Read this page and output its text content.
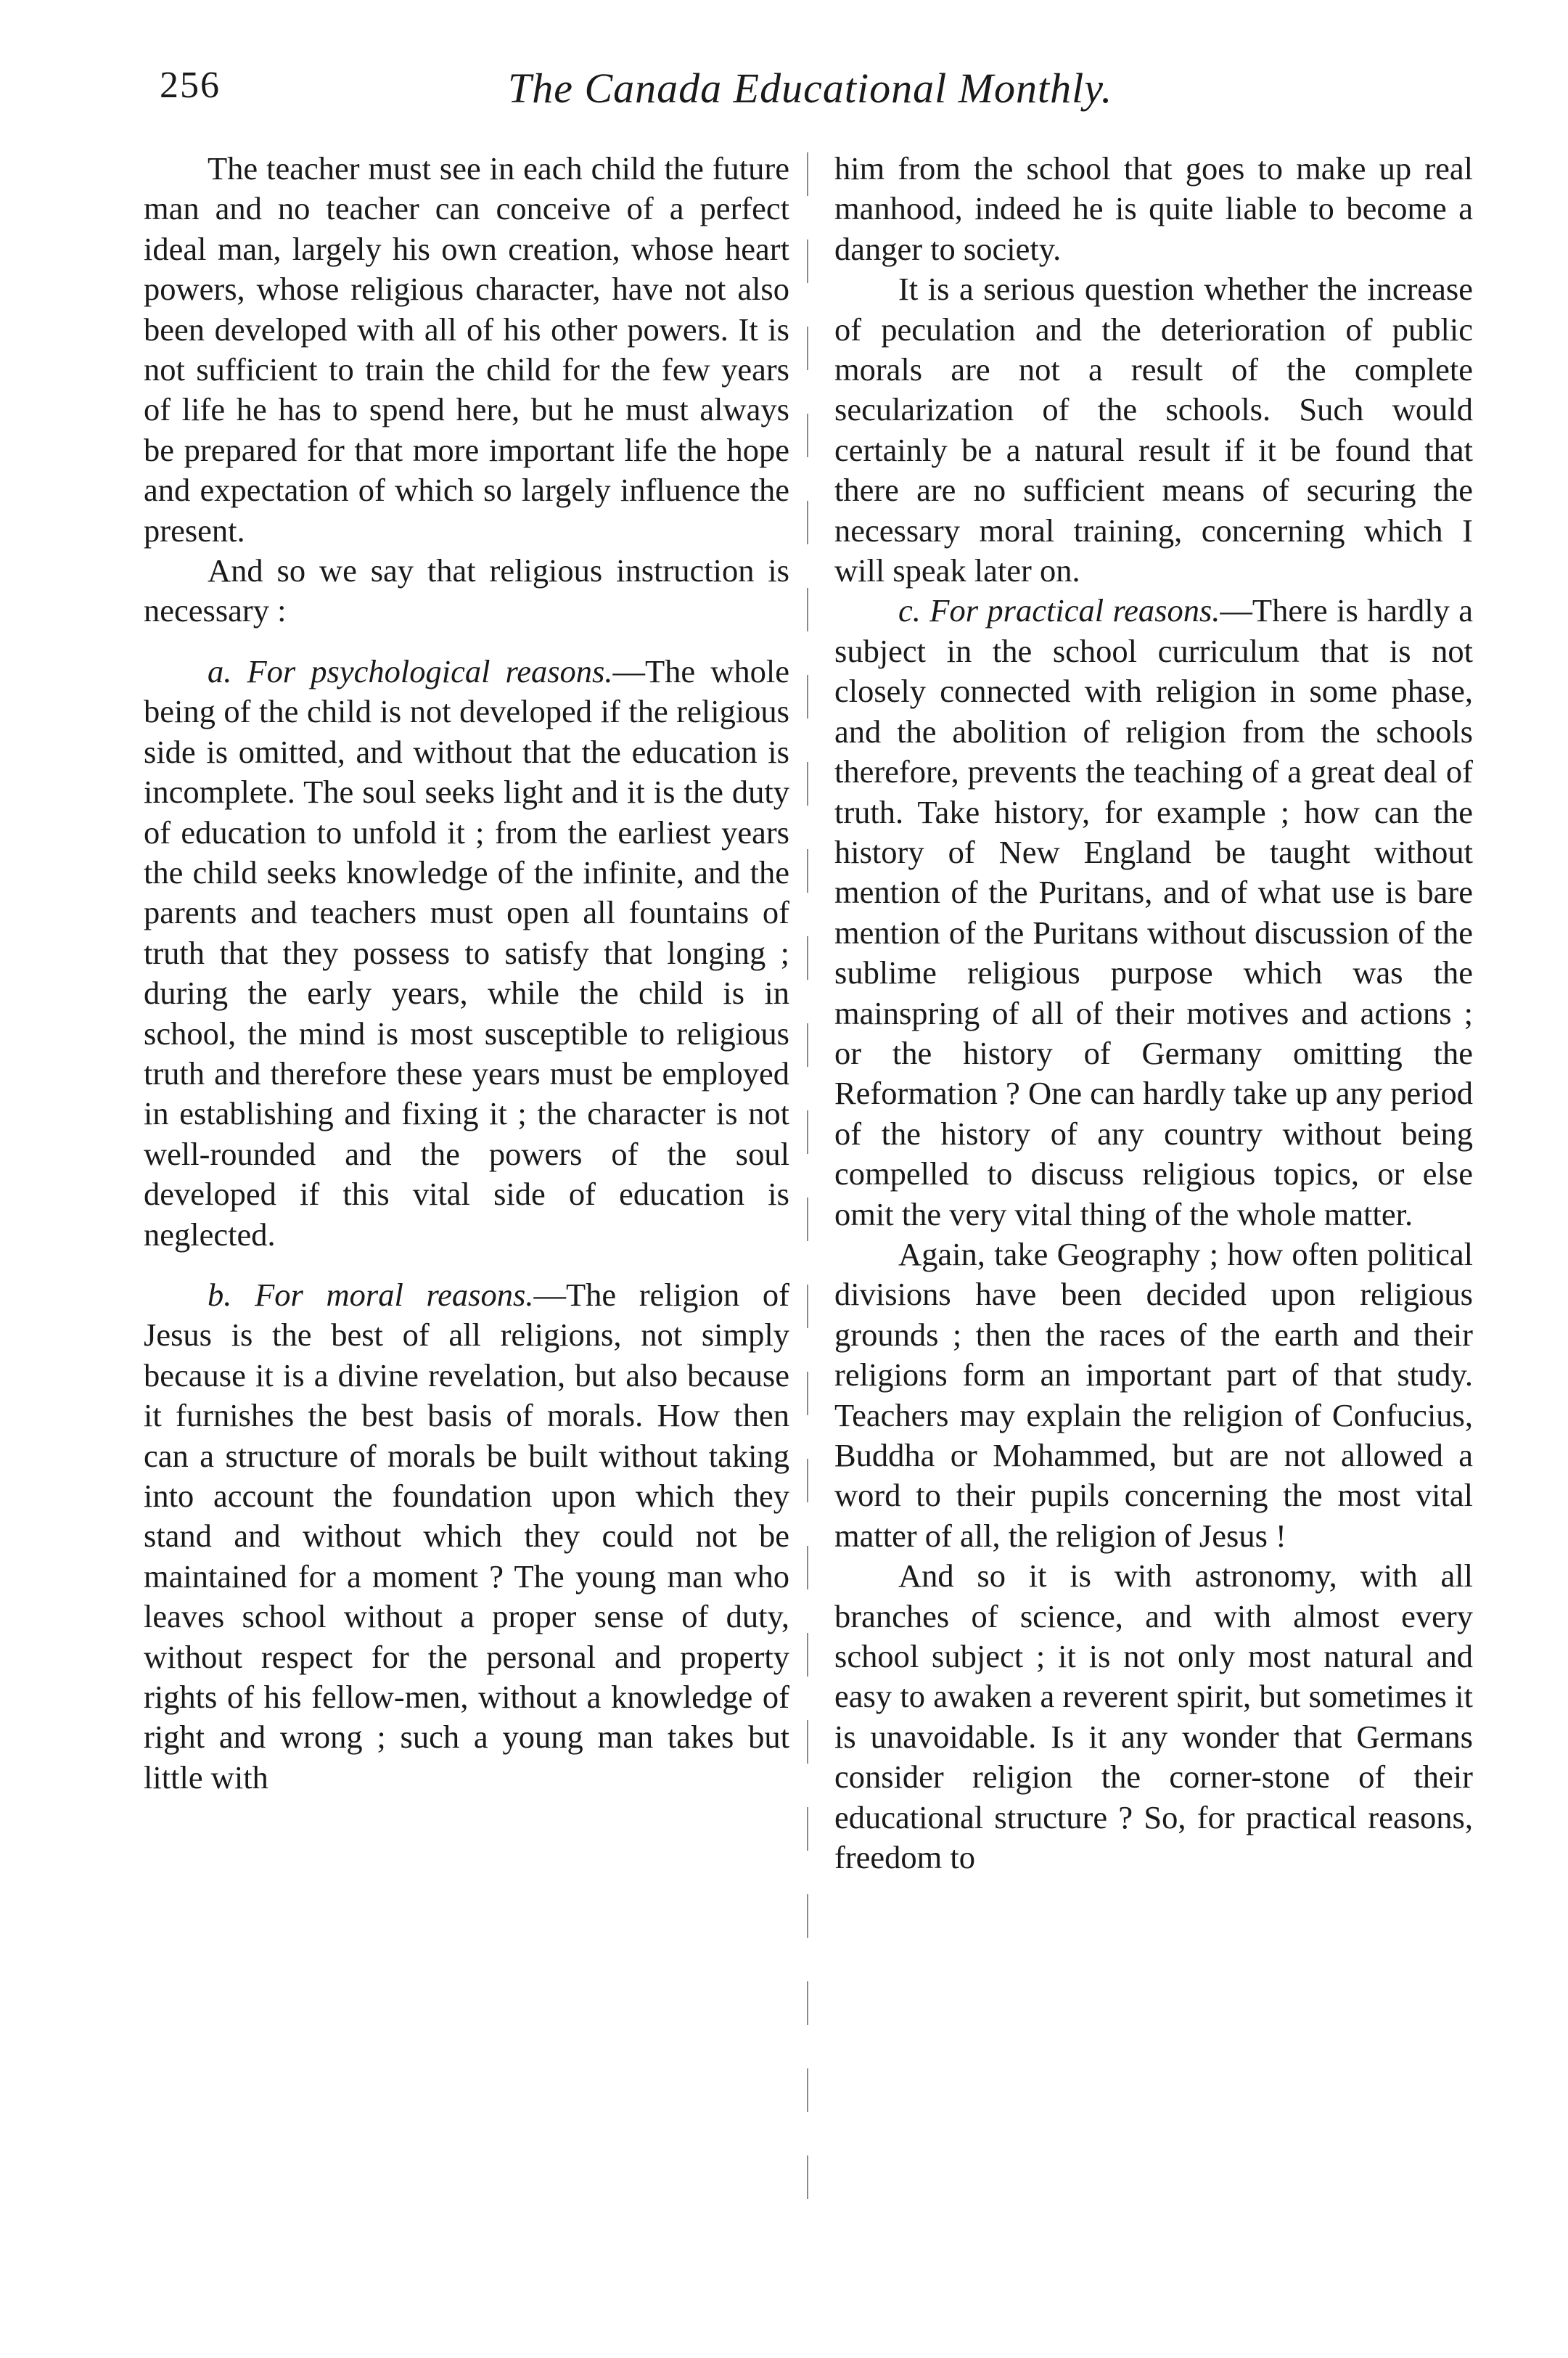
256	The Canada Educational Monthly.

The teacher must see in each child the future man and no teacher can conceive of a perfect ideal man, largely his own creation, whose heart powers, whose religious character, have not also been developed with all of his other powers. It is not sufficient to train the child for the few years of life he has to spend here, but he must always be prepared for that more important life the hope and expectation of which so largely influence the present.

And so we say that religious instruction is necessary :

a. For psychological reasons.—The whole being of the child is not developed if the religious side is omitted, and without that the education is incomplete. The soul seeks light and it is the duty of education to unfold it ; from the earliest years the child seeks knowledge of the infinite, and the parents and teachers must open all fountains of truth that they possess to satisfy that longing ; during the early years, while the child is in school, the mind is most susceptible to religious truth and therefore these years must be employed in establishing and fixing it ; the character is not well-rounded and the powers of the soul developed if this vital side of education is neglected.

b. For moral reasons.—The religion of Jesus is the best of all religions, not simply because it is a divine revelation, but also because it furnishes the best basis of morals. How then can a structure of morals be built without taking into account the foundation upon which they stand and without which they could not be maintained for a moment ? The young man who leaves school without a proper sense of duty, without respect for the personal and property rights of his fellow-men, without a knowledge of right and wrong ; such a young man takes but little with

him from the school that goes to make up real manhood, indeed he is quite liable to become a danger to society.

It is a serious question whether the increase of peculation and the deterioration of public morals are not a result of the complete secularization of the schools. Such would certainly be a natural result if it be found that there are no sufficient means of securing the necessary moral training, concerning which I will speak later on.

c. For practical reasons.—There is hardly a subject in the school curriculum that is not closely connected with religion in some phase, and the abolition of religion from the schools therefore, prevents the teaching of a great deal of truth. Take history, for example ; how can the history of New England be taught without mention of the Puritans, and of what use is bare mention of the Puritans without discussion of the sublime religious purpose which was the mainspring of all of their motives and actions ; or the history of Germany omitting the Reformation ? One can hardly take up any period of the history of any country without being compelled to discuss religious topics, or else omit the very vital thing of the whole matter.

Again, take Geography ; how often political divisions have been decided upon religious grounds ; then the races of the earth and their religions form an important part of that study. Teachers may explain the religion of Confucius, Buddha or Mohammed, but are not allowed a word to their pupils concerning the most vital matter of all, the religion of Jesus !

And so it is with astronomy, with all branches of science, and with almost every school subject ; it is not only most natural and easy to awaken a reverent spirit, but sometimes it is unavoidable. Is it any wonder that Germans consider religion the corner-stone of their educational structure ? So, for practical reasons, freedom to
